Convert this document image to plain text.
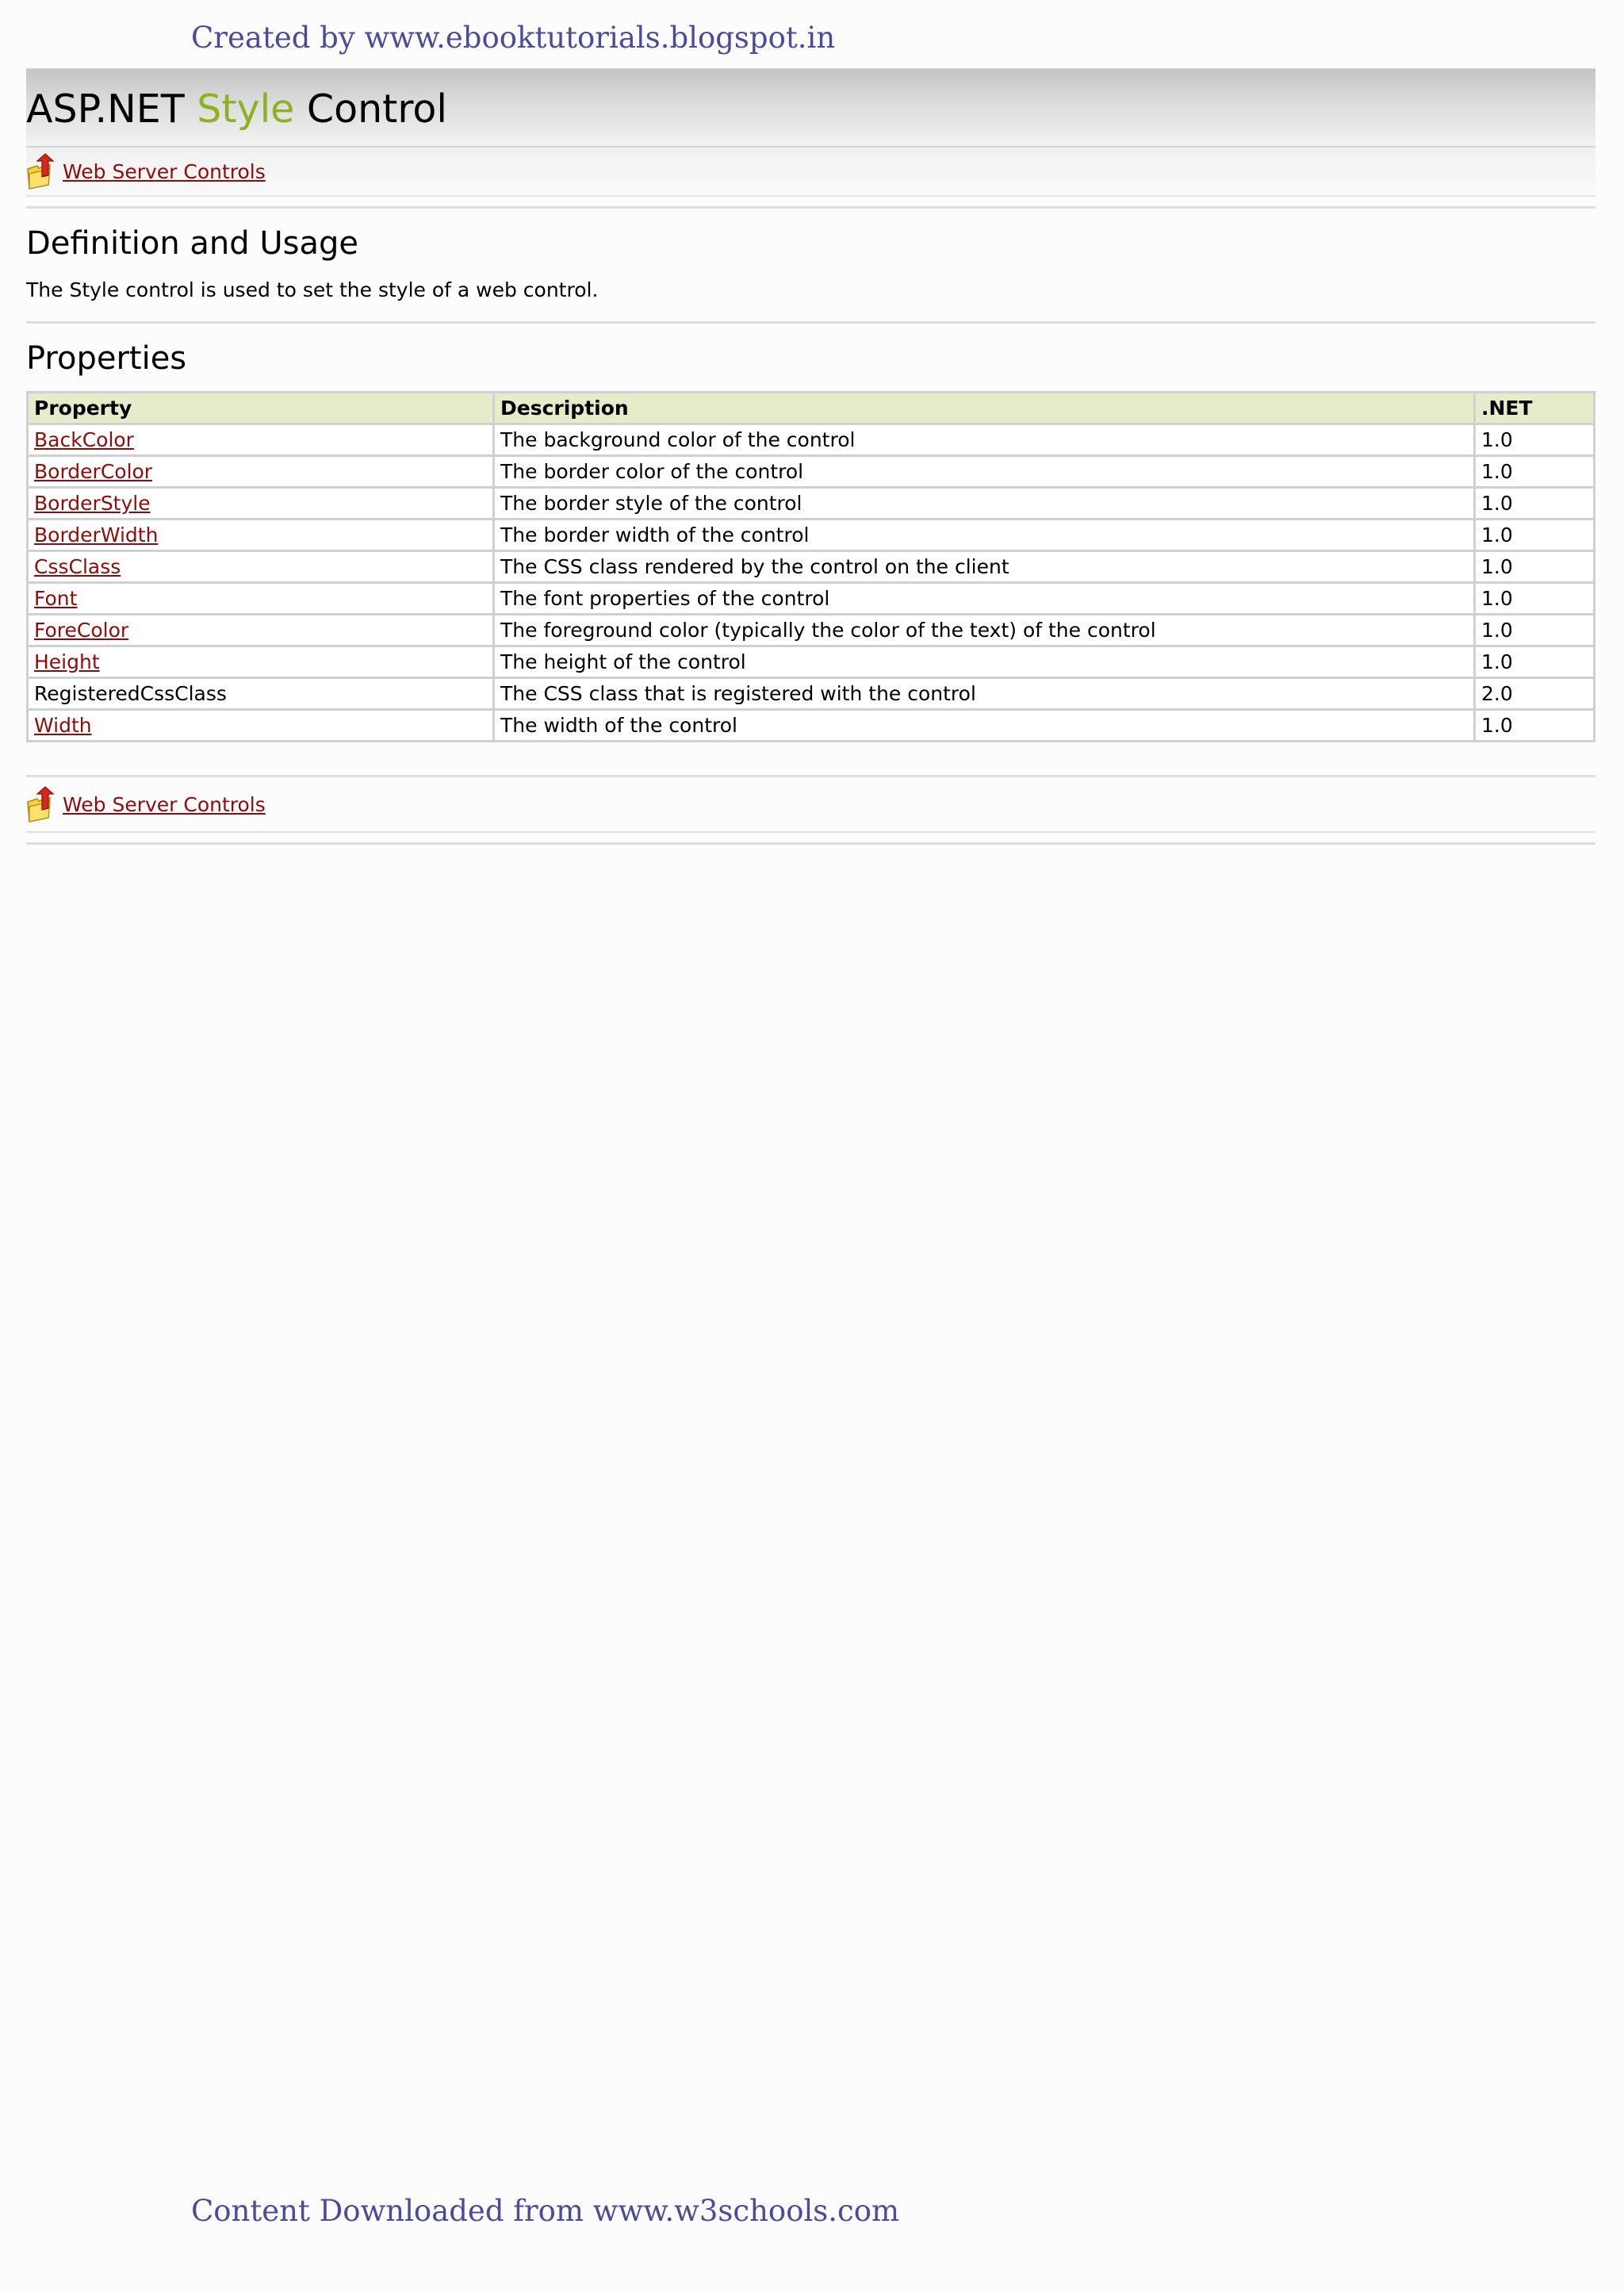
Created by www.ebooktutorials.blogspot.in
ASP.NET Style Control
Web Server Controls
Definition and Usage

The Style control is used to set the style of a web control.

Properties
Property	Description	.NET
BackColor	The background color of the control	1.0
BorderColor	The border color of the control	1.0
BorderStyle	The border style of the control	1.0
BorderWidth	The border width of the control	1.0
CssClass	The CSS class rendered by the control on the client	1.0
Font	The font properties of the control	1.0
ForeColor	The foreground color (typically the color of the text) of the control	1.0
Height	The height of the control	1.0
RegisteredCssClass	The CSS class that is registered with the control	2.0
Width	The width of the control	1.0
Web Server Controls
Content Downloaded from www.w3schools.com
